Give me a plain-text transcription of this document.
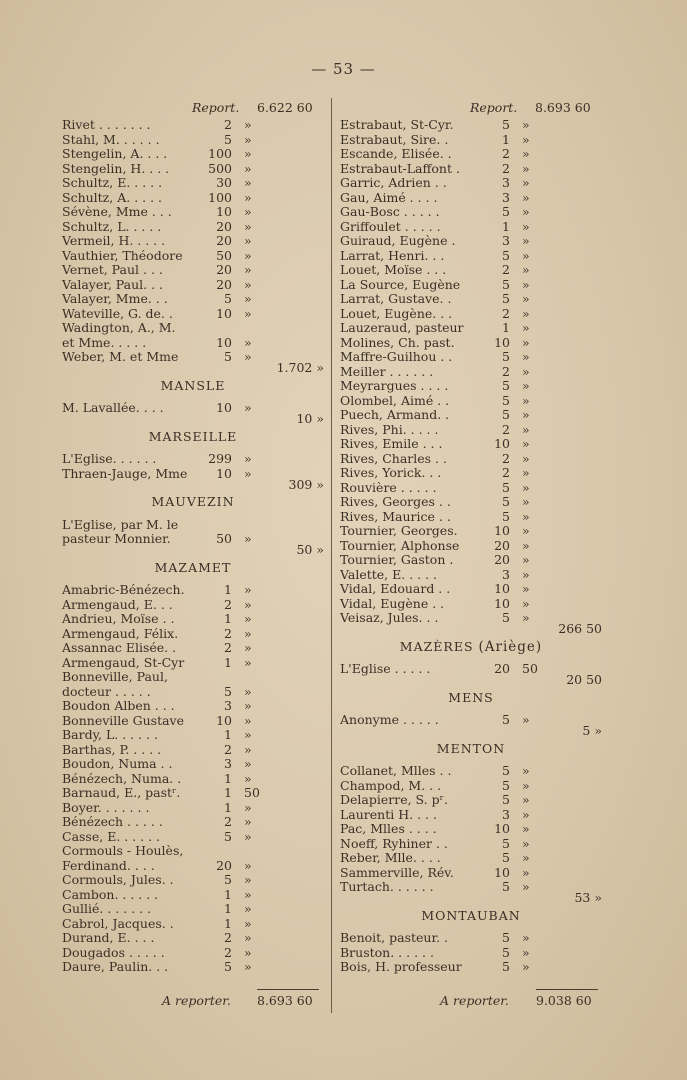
— 53 —
Report. 6.622 60
Rivet . . . . . . .	2 »
Stahl, M. . . . . .	5 »
Stengelin, A. . . .	100 »
Stengelin, H. . . .	500 »
Schultz, E. . . . .	30 »
Schultz, A. . . . .	100 »
Sévène, Mme . . .	10 »
Schultz, L. . . . .	20 »
Vermeil, H. . . . .	20 »
Vauthier, Théodore	50 »
Vernet, Paul . . .	20 »
Valayer, Paul. . .	20 »
Valayer, Mme. . .	5 »
Wateville, G. de. .	10 »
Wadington, A., M.
et Mme. . . . .	10 »
Weber, M. et Mme	5 »
1.702 »
MANSLE
M. Lavallée. . . .	10 »
10 »
MARSEILLE
L'Eglise. . . . . .	299 »
Thraen-Jauge, Mme	10 »
309 »
MAUVEZIN
L'Eglise, par M. le
pasteur Monnier.	50 »
50 »
MAZAMET
Amabric-Bénézech.	1 »
Armengaud, E. . .	2 »
Andrieu, Moïse . .	1 »
Armengaud, Félix.	2 »
Assannac Elisée. .	2 »
Armengaud, St-Cyr	1 »
Bonneville, Paul,
docteur . . . . .	5 »
Boudon Alben . . .	3 »
Bonneville Gustave	10 »
Bardy, L. . . . . .	1 »
Barthas, P. . . . .	2 »
Boudon, Numa . .	3 »
Bénézech, Numa. .	1 »
Barnaud, E., pastʳ.	1 50
Boyer. . . . . . .	1 »
Bénézech . . . . .	2 »
Casse, E. . . . . .	5 »
Cormouls - Houlès,
Ferdinand. . . .	20 »
Cormouls, Jules. .	5 »
Cambon. . . . . .	1 »
Gullié. . . . . . .	1 »
Cabrol, Jacques. .	1 »
Durand, E. . . .	2 »
Dougados . . . . .	2 »
Daure, Paulin. . .	5 »
Report. 8.693 60
Estrabaut, St-Cyr.	5 »
Estrabaut, Sire. .	1 »
Escande, Elisée. .	2 »
Estrabaut-Laffont .	2 »
Garric, Adrien . .	3 »
Gau, Aimé . . . .	3 »
Gau-Bosc . . . . .	5 »
Griffoulet . . . . .	1 »
Guiraud, Eugène .	3 »
Larrat, Henri. . .	5 »
Louet, Moïse . . .	2 »
La Source, Eugène	5 »
Larrat, Gustave. .	5 »
Louet, Eugène. . .	2 »
Lauzeraud, pasteur	1 »
Molines, Ch. past.	10 »
Maffre-Guilhou . .	5 »
Meiller . . . . . .	2 »
Meyrargues . . . .	5 »
Olombel, Aimé . .	5 »
Puech, Armand. .	5 »
Rives, Phi. . . . .	2 »
Rives, Emile . . .	10 »
Rives, Charles . .	2 »
Rives, Yorick. . .	2 »
Rouvière . . . . .	5 »
Rives, Georges . .	5 »
Rives, Maurice . .	5 »
Tournier, Georges.	10 »
Tournier, Alphonse	20 »
Tournier, Gaston .	20 »
Valette, E. . . . .	3 »
Vidal, Edouard . .	10 »
Vidal, Eugène . .	10 »
Veisaz, Jules. . .	5 »
266 50
MAZÈRES (Ariège)
L'Eglise . . . . .	20 50
20 50
MENS
Anonyme . . . . .	5 »
5 »
MENTON
Collanet, Mlles . .	5 »
Champod, M. . .	5 »
Delapierre, S. pʳ.	5 »
Laurenti H. . . .	3 »
Pac, Mlles . . . .	10 »
Noeff, Ryhiner . .	5 »
Reber, Mlle. . . .	5 »
Sammerville, Rév.	10 »
Turtach. . . . . .	5 »
53 »
MONTAUBAN
Benoit, pasteur. .	5 »
Bruston. . . . . .	5 »
Bois, H. professeur	5 »
A reporter. 8.693 60	A reporter. 9.038 60
